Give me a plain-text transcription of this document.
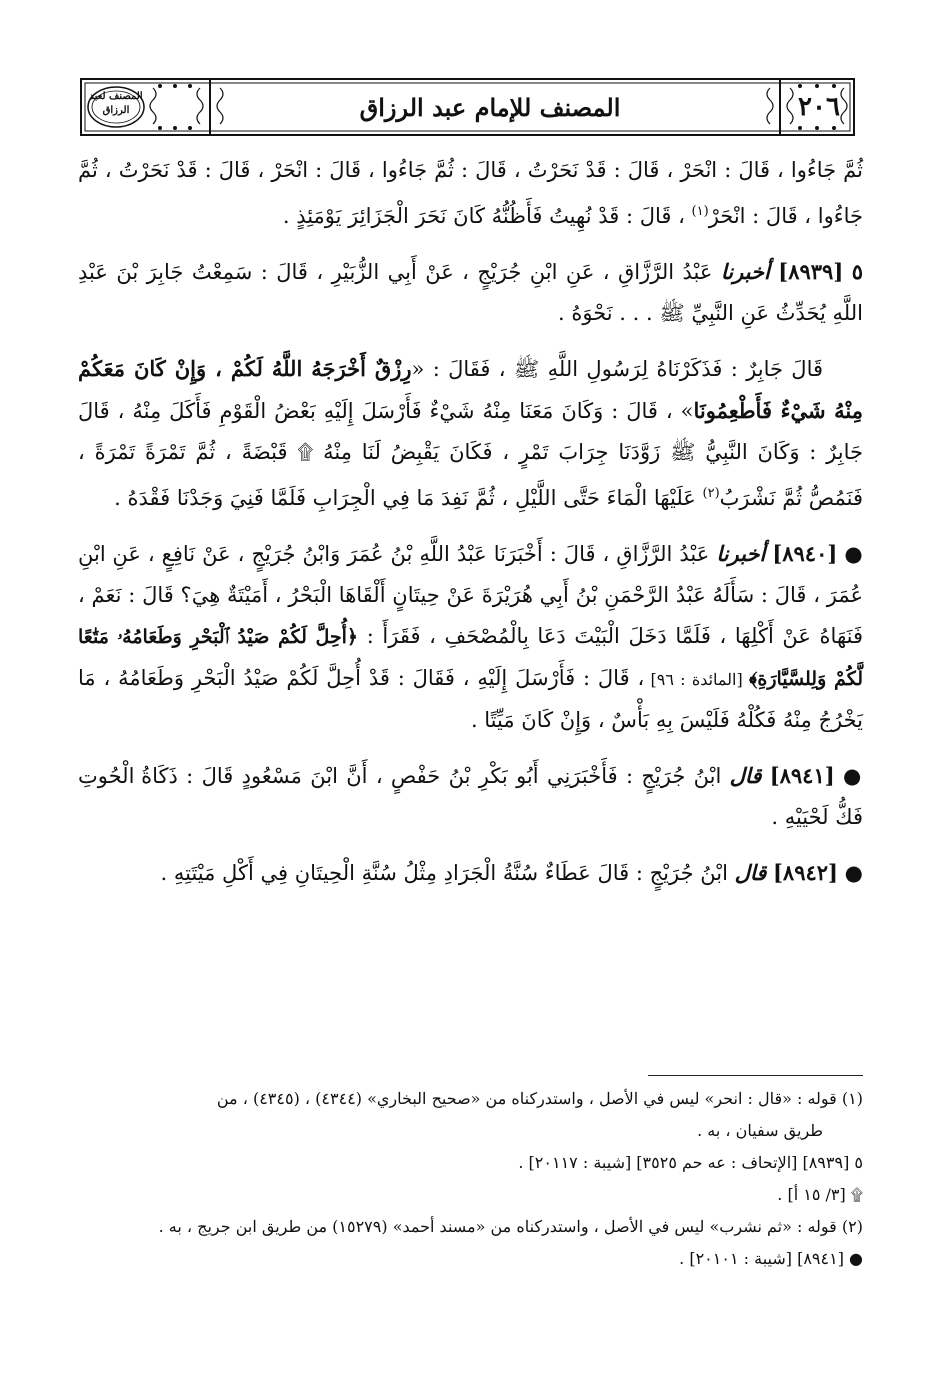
المصنف لعبد الرزاق	المصنف للإمام عبد الرزاق	٢٠٦

ثُمَّ جَاءُوا ، قَالَ : انْحَرْ ، قَالَ : قَدْ نَحَرْتُ ، قَالَ : ثُمَّ جَاءُوا ، قَالَ : انْحَرْ ، قَالَ : قَدْ نَحَرْتُ ، ثُمَّ جَاءُوا ، قَالَ : انْحَرْ$^{(١)}$ ، قَالَ : قَدْ نُهِيتُ فَأَظُنُّهُ كَانَ نَحَرَ الْجَزَائِرَ يَوْمَئِذٍ .

٥ [٨٩٣٩] أخبرنا عَبْدُ الرَّزَّاقِ ، عَنِ ابْنِ جُرَيْجٍ ، عَنْ أَبِي الزُّبَيْرِ ، قَالَ : سَمِعْتُ جَابِرَ بْنَ عَبْدِ اللَّهِ يُحَدِّثُ عَنِ النَّبِيِّ ﷺ . . . نَحْوَهُ .

قَالَ جَابِرٌ : فَذَكَرْنَاهُ لِرَسُولِ اللَّهِ ﷺ ، فَقَالَ : «رِزْقٌ أَخْرَجَهُ اللَّهُ لَكُمْ ، وَإِنْ كَانَ مَعَكُمْ مِنْهُ شَيْءٌ فَأَطْعِمُونَا» ، قَالَ : وَكَانَ مَعَنَا مِنْهُ شَيْءٌ فَأَرْسَلَ إِلَيْهِ بَعْضُ الْقَوْمِ فَأَكَلَ مِنْهُ ، قَالَ جَابِرٌ : وَكَانَ النَّبِيُّ ﷺ زَوَّدَنَا جِرَابَ تَمْرٍ ، فَكَانَ يَقْبِضُ لَنَا مِنْهُ ۩ قَبْضَةً ، ثُمَّ تَمْرَةً تَمْرَةً ، فَنَمُصُّ ثُمَّ نَشْرَبُ$^{(٢)}$ عَلَيْهَا الْمَاءَ حَتَّى اللَّيْلِ ، ثُمَّ نَفِدَ مَا فِي الْجِرَابِ فَلَمَّا فَنِيَ وَجَدْنَا فَقْدَهُ .

● [٨٩٤٠] أخبرنا عَبْدُ الرَّزَّاقِ ، قَالَ : أَخْبَرَنَا عَبْدُ اللَّهِ بْنُ عُمَرَ وَابْنُ جُرَيْجٍ ، عَنْ نَافِعٍ ، عَنِ ابْنِ عُمَرَ ، قَالَ : سَأَلَهُ عَبْدُ الرَّحْمَنِ بْنُ أَبِي هُرَيْرَةَ عَنْ حِيتَانٍ أَلْقَاهَا الْبَحْرُ ، أَمَيْتَةٌ هِيَ؟ قَالَ : نَعَمْ ، فَنَهَاهُ عَنْ أَكْلِهَا ، فَلَمَّا دَخَلَ الْبَيْتَ دَعَا بِالْمُصْحَفِ ، فَقَرَأَ : ﴿أُحِلَّ لَكُمْ صَيْدُ ٱلْبَحْرِ وَطَعَامُهُۥ مَتَٰعًا لَّكُمْ وَلِلسَّيَّارَةِ﴾ [المائدة : ٩٦] ، قَالَ : فَأَرْسَلَ إِلَيْهِ ، فَقَالَ : قَدْ أُحِلَّ لَكُمْ صَيْدُ الْبَحْرِ وَطَعَامُهُ ، مَا يَخْرُجُ مِنْهُ فَكُلْهُ فَلَيْسَ بِهِ بَأْسٌ ، وَإِنْ كَانَ مَيِّتًا .

● [٨٩٤١] قال ابْنُ جُرَيْجٍ : فَأَخْبَرَنِي أَبُو بَكْرِ بْنُ حَفْصٍ ، أَنَّ ابْنَ مَسْعُودٍ قَالَ : ذَكَاةُ الْحُوتِ فَكُّ لَحْيَيْهِ .

● [٨٩٤٢] قال ابْنُ جُرَيْجٍ : قَالَ عَطَاءٌ سُنَّةُ الْجَرَادِ مِثْلُ سُنَّةِ الْحِيتَانِ فِي أَكْلِ مَيْتَتِهِ .

(١) قوله : «قال : انحر» ليس في الأصل ، واستدركناه من «صحيح البخاري» (٤٣٤٤) ، (٤٣٤٥) ، من

طريق سفيان ، به .

٥ [٨٩٣٩] [الإتحاف : عه حم ٣٥٢٥] [شيبة : ٢٠١١٧] .

۩ [٣/ ١٥ أ] .

(٢) قوله : «ثم نشرب» ليس في الأصل ، واستدركناه من «مسند أحمد» (١٥٢٧٩) من طريق ابن جريج ، به .

● [٨٩٤١] [شيبة : ٢٠١٠١] .
